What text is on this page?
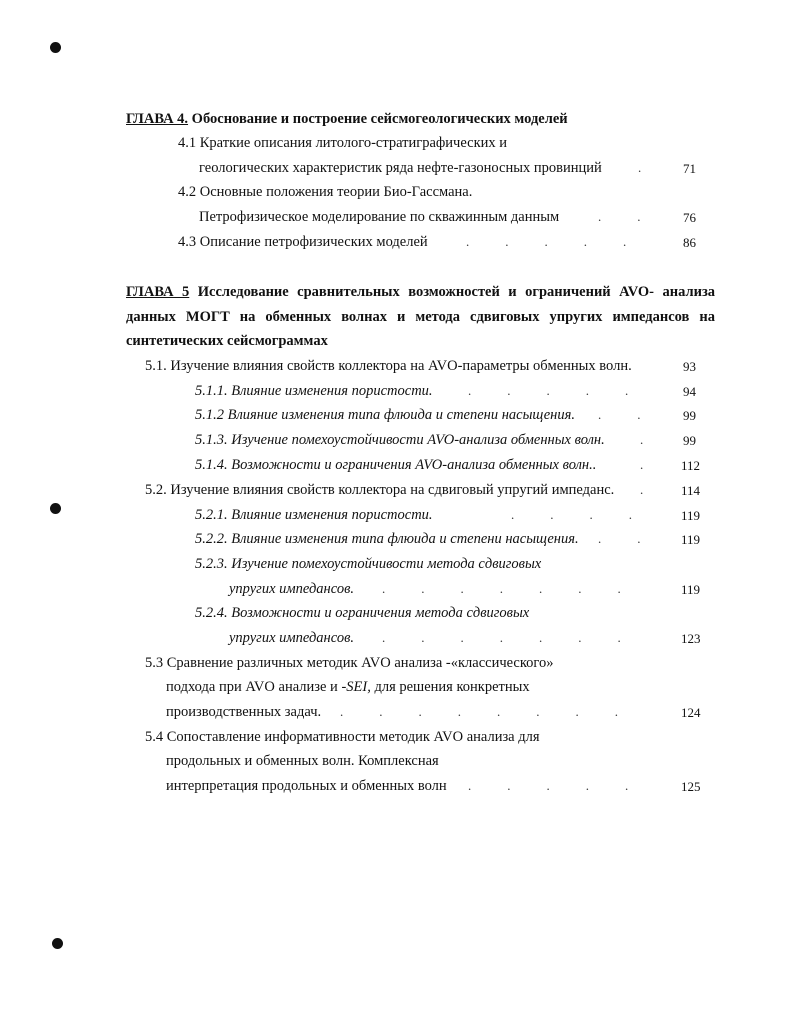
ГЛАВА 4. Обоснование и построение сейсмогеологических моделей
4.1 Краткие описания литолого-стратиграфических и
геологических характеристик ряда нефте-газоносных провинций	. 71
4.2 Основные положения теории Био-Гассмана.
Петрофизическое моделирование по скважинным данным	.. 76
4.3 Описание петрофизических моделей	..... 86
ГЛАВА 5 Исследование сравнительных возможностей и ограничений AVO- анализа
данных МОГТ на обменных волнах и метода сдвиговых упругих импедансов на
синтетических сейсмограммах
5.1. Изучение влияния свойств коллектора на AVO-параметры обменных волн.	93
5.1.1. Влияние изменения пористости.	..... 94
5.1.2 Влияние изменения типа флюида и степени насыщения. .. 99
5.1.3. Изучение помехоустойчивости AVO-анализа обменных волн.	. 99
5.1.4. Возможности и ограничения AVO-анализа обменных волн..	. 112
5.2. Изучение влияния свойств коллектора на сдвиговый упругий импеданс. . 114
5.2.1. Влияние изменения пористости.	.... 119
5.2.2. Влияние изменения типа флюида и степени насыщения. .. 119
5.2.3. Изучение помехоустойчивости метода сдвиговых
упругих импедансов. ....... 119
5.2.4. Возможности и ограничения метода сдвиговых
упругих импедансов. ....... 123
5.3 Сравнение различных методик AVO анализа -«классического»
подхода при AVO анализе и -SEI, для решения конкретных
производственных задач. ........ 124
5.4 Сопоставление информативности методик AVO анализа для
продольных и обменных волн. Комплексная
интерпретация продольных и обменных волн ..... 125
